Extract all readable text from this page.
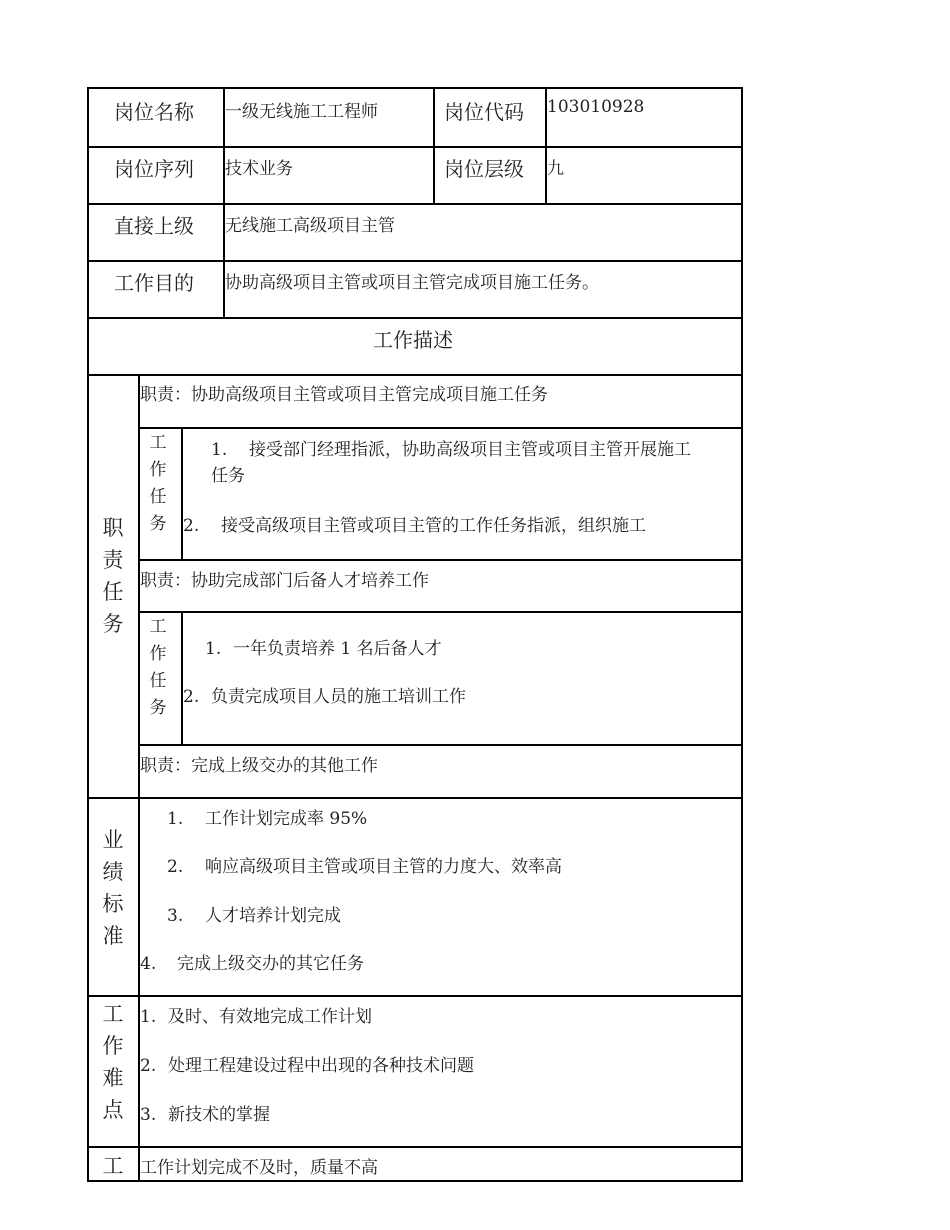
岗位名称 一级无线施工工程师	岗位代码 103010928
岗位序列 技术业务	岗位层级 九
直接上级 无线施工高级项目主管
工作目的 协助高级项目主管或项目主管完成项目施工任务。
工作描述
职
责
任
务
职责：协助高级项目主管或项目主管完成项目施工任务
工
作
任
务
1. 接受部门经理指派，协助高级项目主管或项目主管开展施工
任务
2. 接受高级项目主管或项目主管的工作任务指派，组织施工
职责：协助完成部门后备人才培养工作
工
作
任
务
1. 一年负责培养 1 名后备人才
2. 负责完成项目人员的施工培训工作
职责：完成上级交办的其他工作
业
绩
标
准
1. 工作计划完成率 95%
2. 响应高级项目主管或项目主管的力度大、效率高
3. 人才培养计划完成
4. 完成上级交办的其它任务
工
作
难
点
1. 及时、有效地完成工作计划
2. 处理工程建设过程中出现的各种技术问题
3. 新技术的掌握
工 工作计划完成不及时，质量不高
